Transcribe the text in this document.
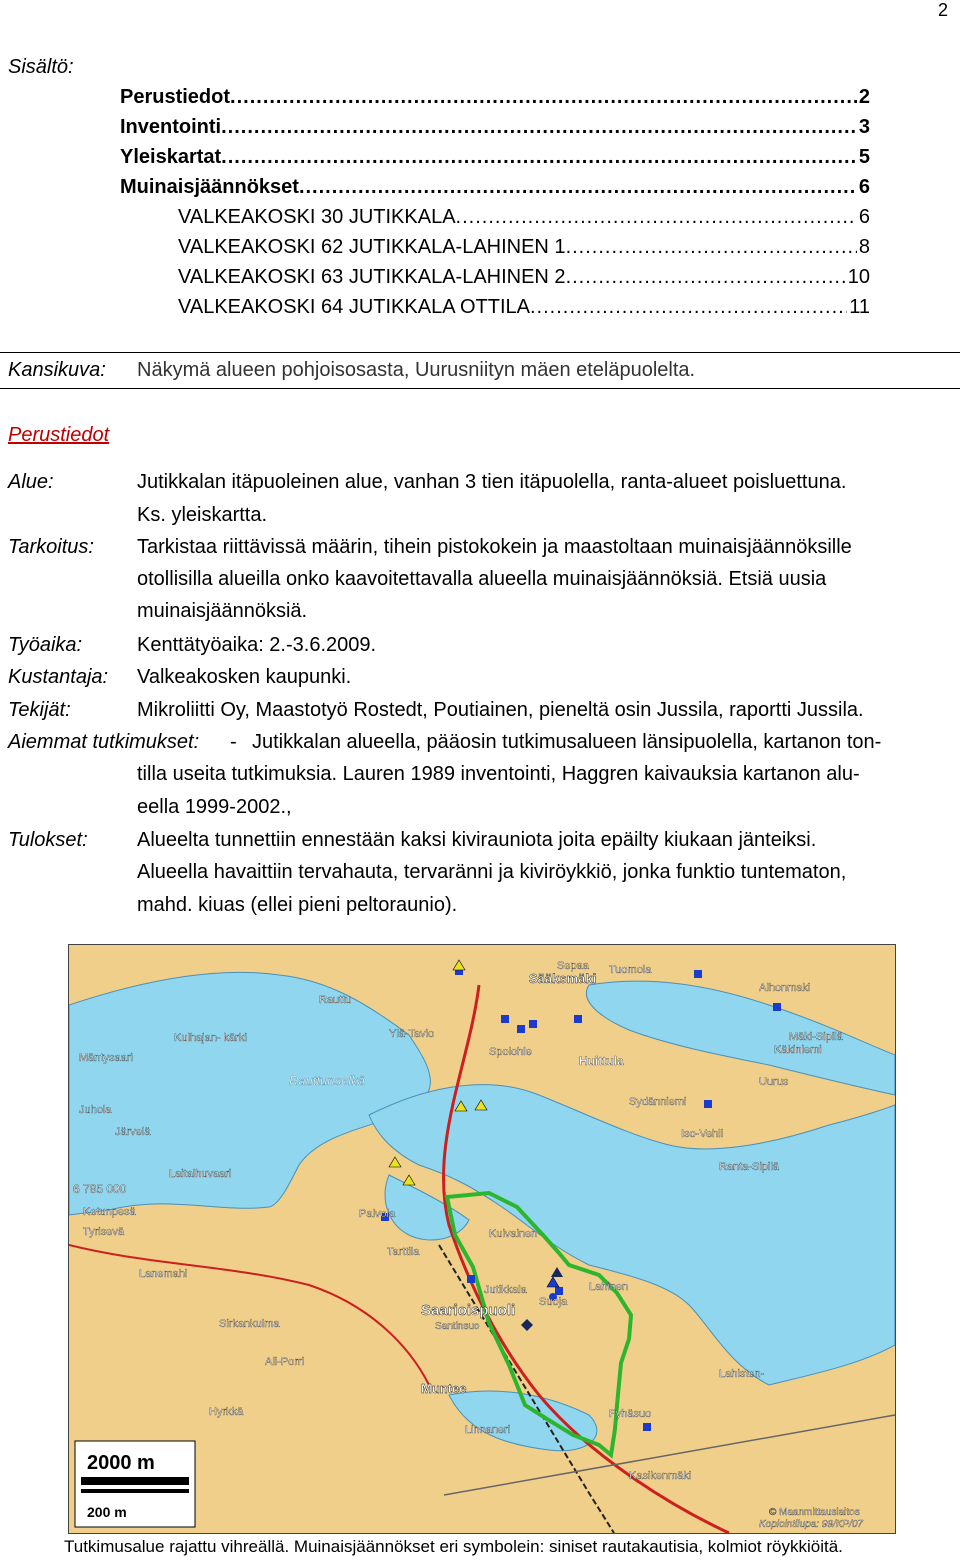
2
Sisältö:
Perustiedot .....	2
Inventointi .....	3
Yleiskartat .....	5
Muinaisjäännökset .....	6
VALKEAKOSKI 30 JUTIKKALA .....	6
VALKEAKOSKI 62 JUTIKKALA-LAHINEN 1 .....	8
VALKEAKOSKI 63 JUTIKKALA-LAHINEN 2 .....	10
VALKEAKOSKI 64 JUTIKKALA OTTILA .....	11
Kansikuva: Näkymä alueen pohjoisosasta, Uurusniityn mäen eteläpuolelta.
Perustiedot
Alue:	Jutikkalan itäpuoleinen alue, vanhan 3 tien itäpuolella, ranta-alueet poisluettuna.
Ks. yleiskartta.
Tarkoitus: Tarkistaa riittävissä määrin, tihein pistokokein ja maastoltaan muinaisjäännöksille
otollisilla alueilla onko kaavoitettavalla alueella muinaisjäännöksiä. Etsiä uusia
muinaisjäännöksiä.
Työaika:	Kenttätyöaika: 2.-3.6.2009.
Kustantaja: Valkeakosken kaupunki.
Tekijät:	Mikroliitti Oy, Maastotyö Rostedt, Poutiainen, pieneltä osin Jussila, raportti Jussila.
Aiemmat tutkimukset: - Jutikkalan alueella, pääosin tutkimusalueen länsipuolella, kartanon ton-
tilla useita tutkimuksia. Lauren 1989 inventointi, Haggren kaivauksia kartanon alu-
eella 1999-2002.,
Tulokset: Alueelta tunnettiin ennestään kaksi kivirauniota joita epäilty kiukaan jänteiksi.
Alueella havaittiin tervahauta, tervaränni ja kiviröykkiö, jonka funktio tuntematon,
mahd. kiuas (ellei pieni peltoraunio).
6 785 000
Sääksmäki
Huittula
Rauttunselkä
Saarioispuoli
Jutikkala	Lahinen
Muntee
Tarttila
Palvola
Sirkankulma
Fyhäsuo
Lahisten-
Ranta-Sipilä
Sydänniemi
Iso-Vehli
Alhonmaki
Käkiniemi
Mäntysaari
Juhola
Järvelä
Ketunpesä
Tyrisevä
Laitalhuvaari
Kasikenmäki
Rauttu
Kulhajan- kärki	Mäki-Sipilä
Uurus
Santinsuo
Suoja
Ali-Porri
Ylä-Tavio
Lanemahi
Kuivainen
Linnaneri
Hyrkkä
Spolohle
Sepaa Tuomola
2000 m
200 m	© Maanmittauslaitos
Kopiointilupa: 99/KP/07
Tutkimusalue rajattu vihreällä. Muinaisjäännökset eri symbolein: siniset rautakautisia, kolmiot röykkiöitä.
